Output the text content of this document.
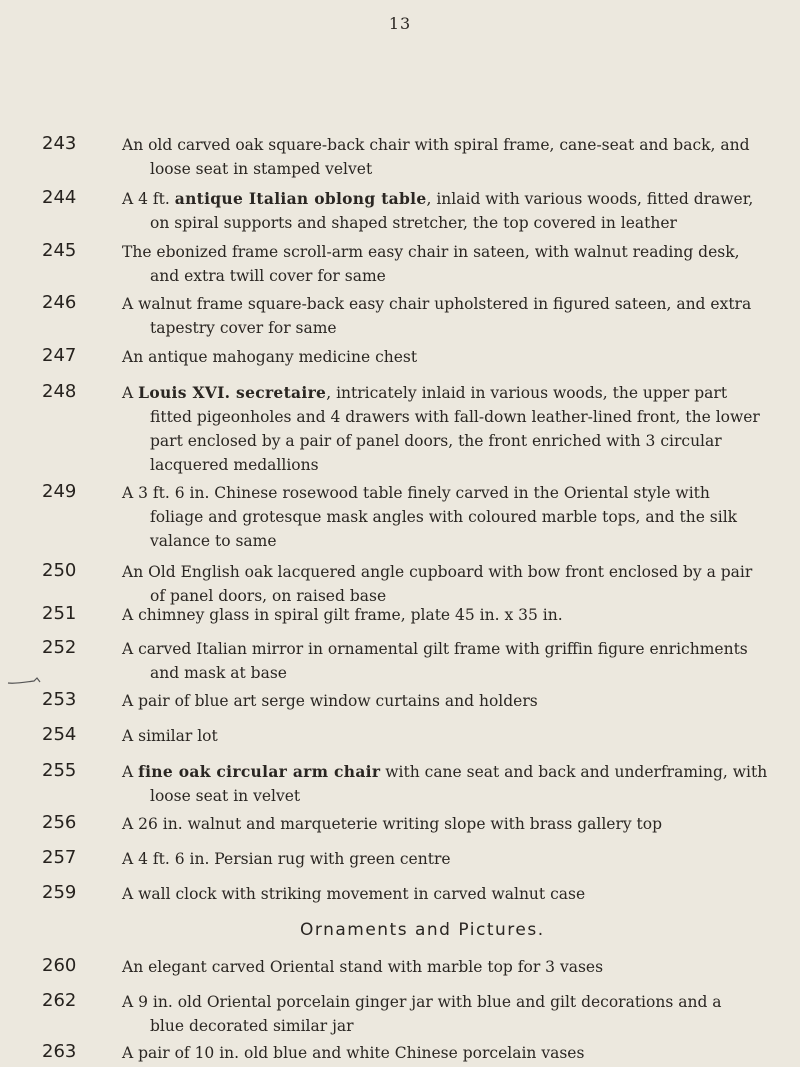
13
243	An old carved oak square-back chair with spiral frame, cane-seat and back, and
loose seat in stamped velvet
244	A 4 ft. antique Italian oblong table, inlaid with various woods, fitted drawer,
on spiral supports and shaped stretcher, the top covered in leather
245	The ebonized frame scroll-arm easy chair in sateen, with walnut reading desk,
and extra twill cover for same
246	A walnut frame square-back easy chair upholstered in figured sateen, and extra
tapestry cover for same
247	An antique mahogany medicine chest
248	A Louis XVI. secretaire, intricately inlaid in various woods, the upper part
fitted pigeonholes and 4 drawers with fall-down leather-lined front, the lower
part enclosed by a pair of panel doors, the front enriched with 3 circular
lacquered medallions
249	A 3 ft. 6 in. Chinese rosewood table finely carved in the Oriental style with
foliage and grotesque mask angles with coloured marble tops, and the silk
valance to same
250	An Old English oak lacquered angle cupboard with bow front enclosed by a pair
of panel doors, on raised base
251	A chimney glass in spiral gilt frame, plate 45 in. x 35 in.
252	A carved Italian mirror in ornamental gilt frame with griffin figure enrichments
and mask at base
253	A pair of blue art serge window curtains and holders
254	A similar lot
255	A fine oak circular arm chair with cane seat and back and underframing, with
loose seat in velvet
256	A 26 in. walnut and marqueterie writing slope with brass gallery top
257	A 4 ft. 6 in. Persian rug with green centre
259	A wall clock with striking movement in carved walnut case
260	An elegant carved Oriental stand with marble top for 3 vases
262	A 9 in. old Oriental porcelain ginger jar with blue and gilt decorations and a
blue decorated similar jar
263	A pair of 10 in. old blue and white Chinese porcelain vases
Ornaments and Pictures.
